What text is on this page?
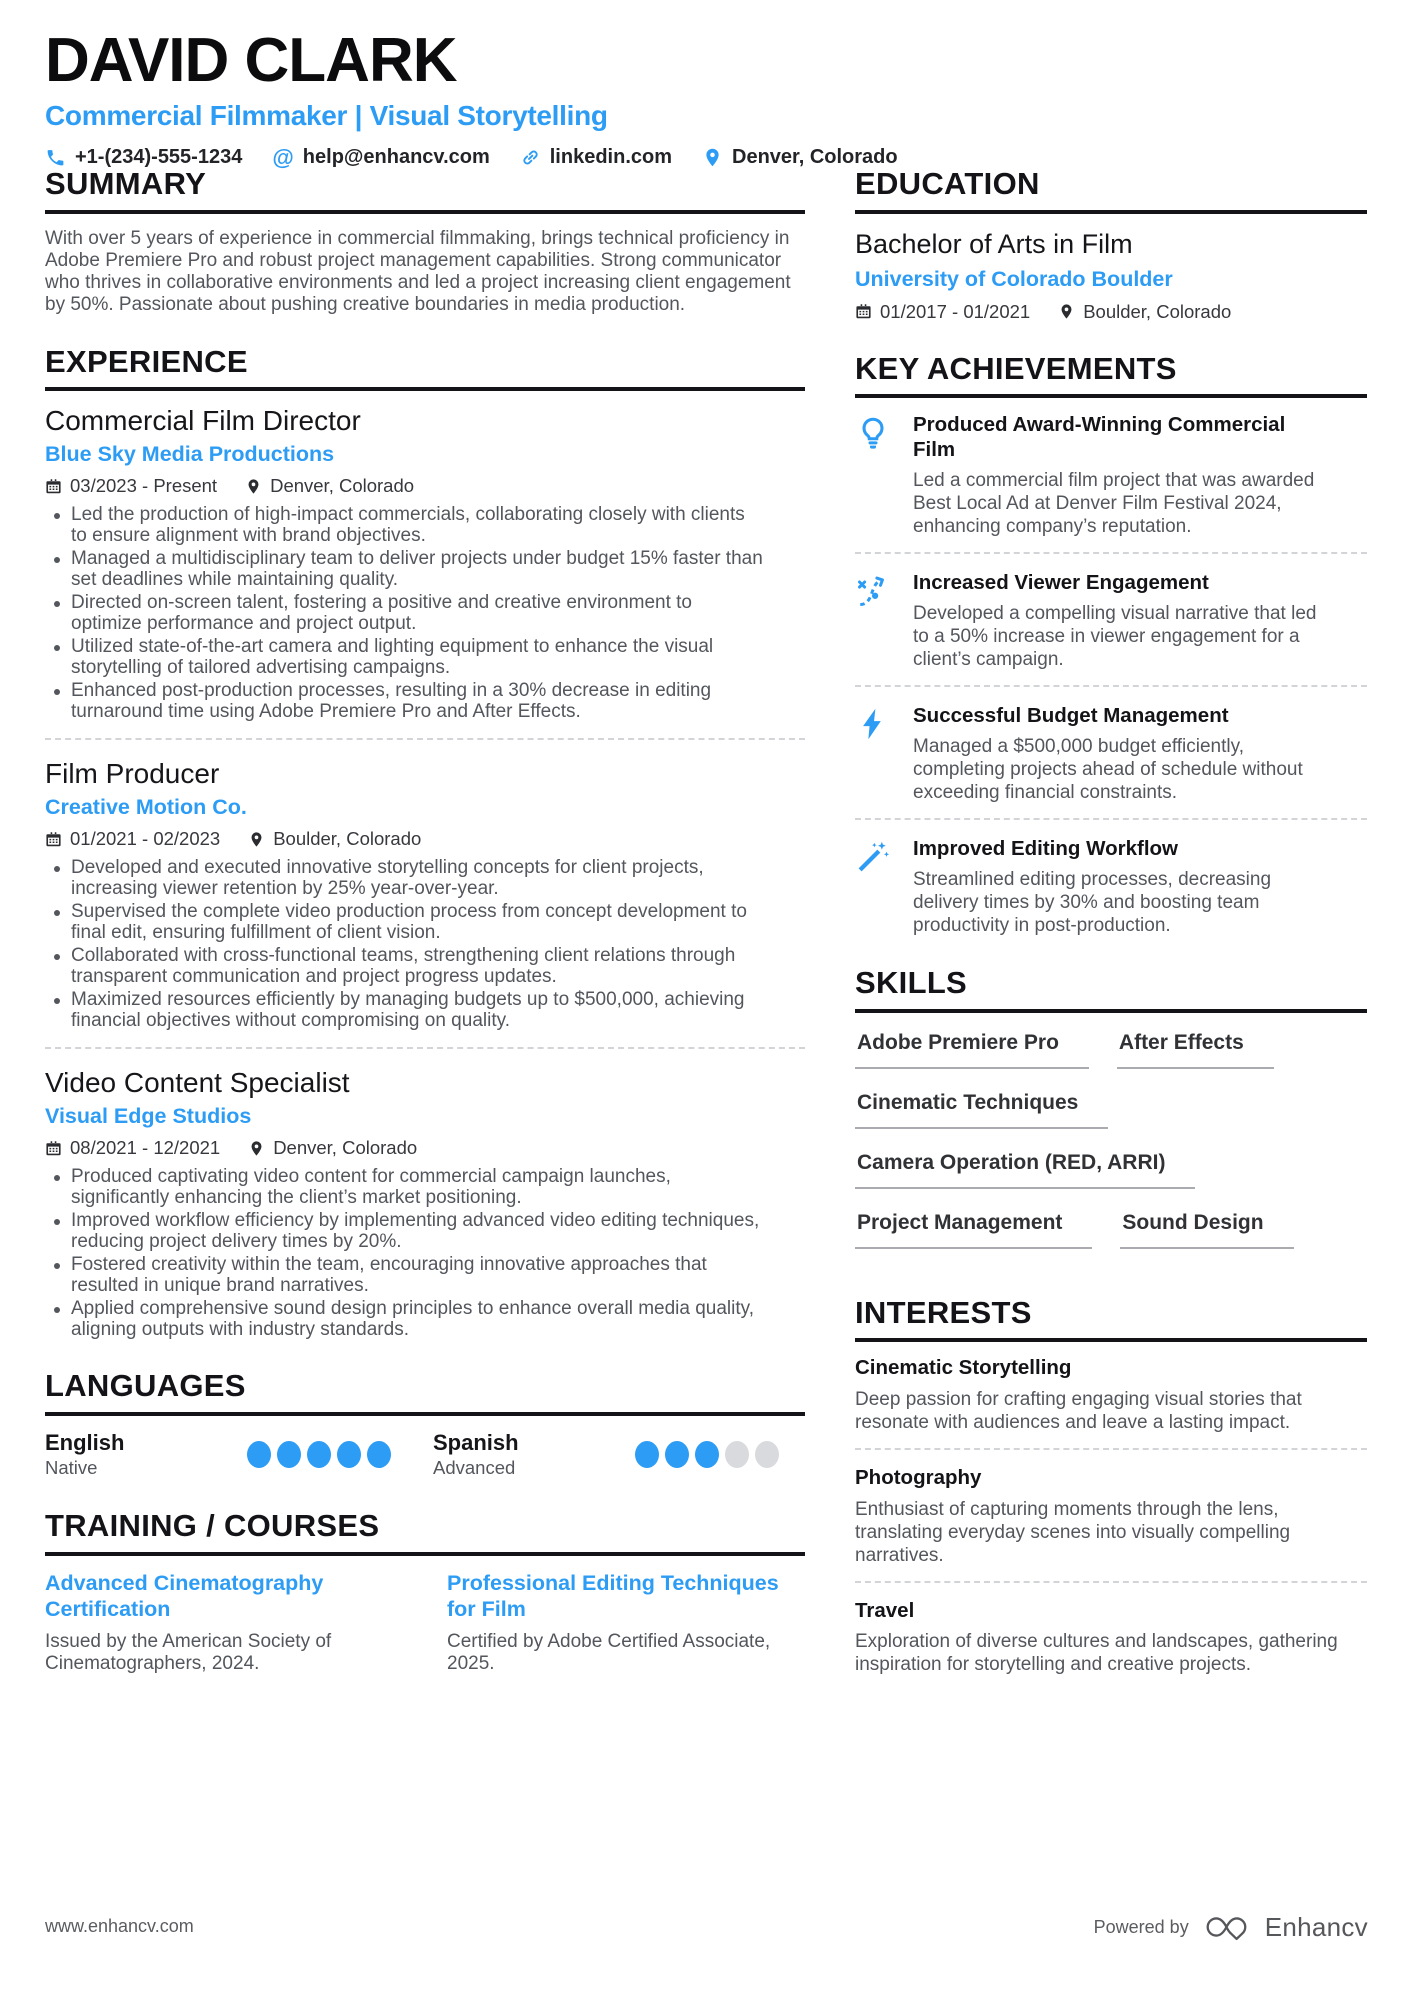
DAVID CLARK
Commercial Filmmaker | Visual Storytelling
+1-(234)-555-1234 @ help@enhancv.com	linkedin.com	Denver, Colorado
SUMMARY

With over 5 years of experience in commercial filmmaking, brings technical proficiency in Adobe Premiere Pro and robust project management capabilities. Strong communicator who thrives in collaborative environments and led a project increasing client engagement by 50%. Passionate about pushing creative boundaries in media production.

EXPERIENCE
Commercial Film Director
Blue Sky Media Productions
03/2023 - Present	Denver, Colorado
Led the production of high-impact commercials, collaborating closely with clients to ensure alignment with brand objectives.
Managed a multidisciplinary team to deliver projects under budget 15% faster than set deadlines while maintaining quality.
Directed on-screen talent, fostering a positive and creative environment to optimize performance and project output.
Utilized state-of-the-art camera and lighting equipment to enhance the visual storytelling of tailored advertising campaigns.
Enhanced post-production processes, resulting in a 30% decrease in editing turnaround time using Adobe Premiere Pro and After Effects.
Film Producer
Creative Motion Co.
01/2021 - 02/2023	Boulder, Colorado
Developed and executed innovative storytelling concepts for client projects, increasing viewer retention by 25% year-over-year.
Supervised the complete video production process from concept development to final edit, ensuring fulfillment of client vision.
Collaborated with cross-functional teams, strengthening client relations through transparent communication and project progress updates.
Maximized resources efficiently by managing budgets up to $500,000, achieving financial objectives without compromising on quality.
Video Content Specialist
Visual Edge Studios
08/2021 - 12/2021	Denver, Colorado
Produced captivating video content for commercial campaign launches, significantly enhancing the client’s market positioning.
Improved workflow efficiency by implementing advanced video editing techniques, reducing project delivery times by 20%.
Fostered creativity within the team, encouraging innovative approaches that resulted in unique brand narratives.
Applied comprehensive sound design principles to enhance overall media quality, aligning outputs with industry standards.
LANGUAGES
English
Native
Spanish
Advanced
TRAINING / COURSES
Advanced Cinematography Certification

Issued by the American Society of Cinematographers, 2024.

Professional Editing Techniques for Film

Certified by Adobe Certified Associate, 2025.

EDUCATION
Bachelor of Arts in Film
University of Colorado Boulder
01/2017 - 01/2021	Boulder, Colorado
KEY ACHIEVEMENTS
Produced Award-Winning Commercial Film

Led a commercial film project that was awarded Best Local Ad at Denver Film Festival 2024, enhancing company’s reputation.

Increased Viewer Engagement

Developed a compelling visual narrative that led to a 50% increase in viewer engagement for a client’s campaign.

Successful Budget Management

Managed a $500,000 budget efficiently, completing projects ahead of schedule without exceeding financial constraints.

Improved Editing Workflow

Streamlined editing processes, decreasing delivery times by 30% and boosting team productivity in post-production.

SKILLS
Adobe Premiere Pro	After Effects
Cinematic Techniques
Camera Operation (RED, ARRI)
Project Management	Sound Design
INTERESTS
Cinematic Storytelling

Deep passion for crafting engaging visual stories that resonate with audiences and leave a lasting impact.

Photography

Enthusiast of capturing moments through the lens, translating everyday scenes into visually compelling narratives.

Travel

Exploration of diverse cultures and landscapes, gathering inspiration for storytelling and creative projects.

www.enhancv.com	Powered by	Enhancv
